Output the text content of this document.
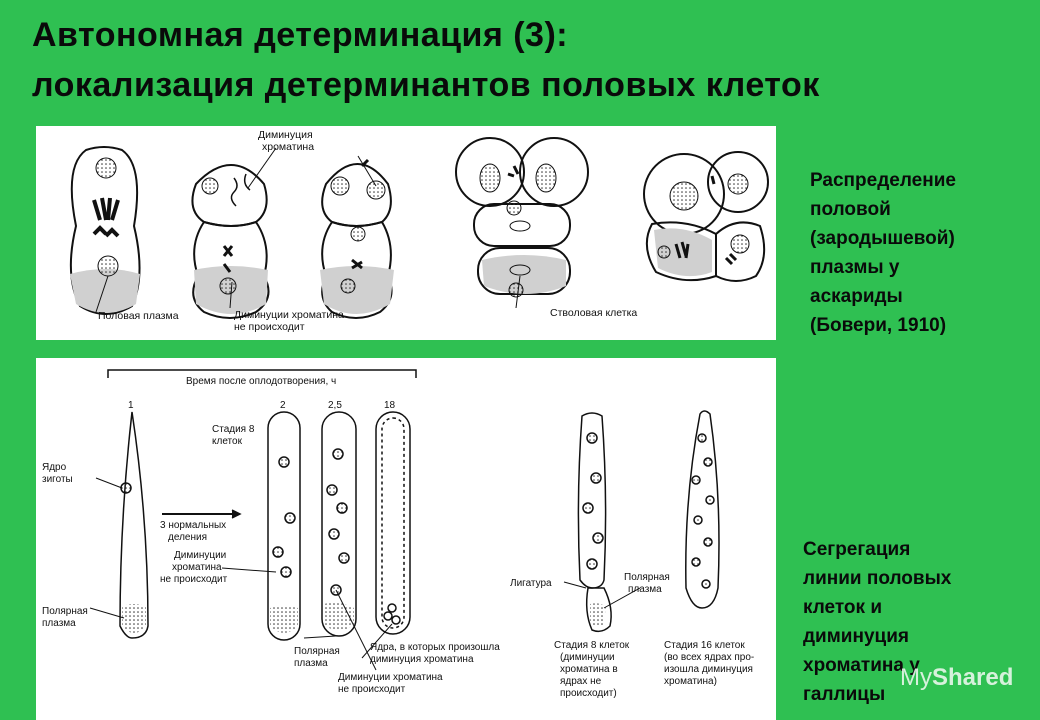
Автономная детерминация (3):
локализация детерминантов половых клеток
Половая плазма
Диминуция
хроматина
Диминуции хроматина
не происходит
Стволовая клетка
Время после оплодотворения, ч
1	2	2,5	18
Стадия 8
клеток
Ядро
зиготы
3 нормальных
деления
Диминуции
хроматина
не происходит
Полярная
плазма
Полярная
плазма
Ядра, в которых произошла
диминуция хроматина
Диминуции хроматина
не происходит
Лигатура
Полярная
плазма
Стадия 8 клеток
(диминуции
хроматина в
ядрах не
происходит)
Стадия 16 клеток
(во всех ядрах про-
изошла диминуция
хроматина)
Распределение
половой
(зародышевой)
плазмы у
аскариды
(Бовери, 1910)
Сегрегация
линии половых
клеток и
диминуция
хроматина у
галлицы
MyShared
